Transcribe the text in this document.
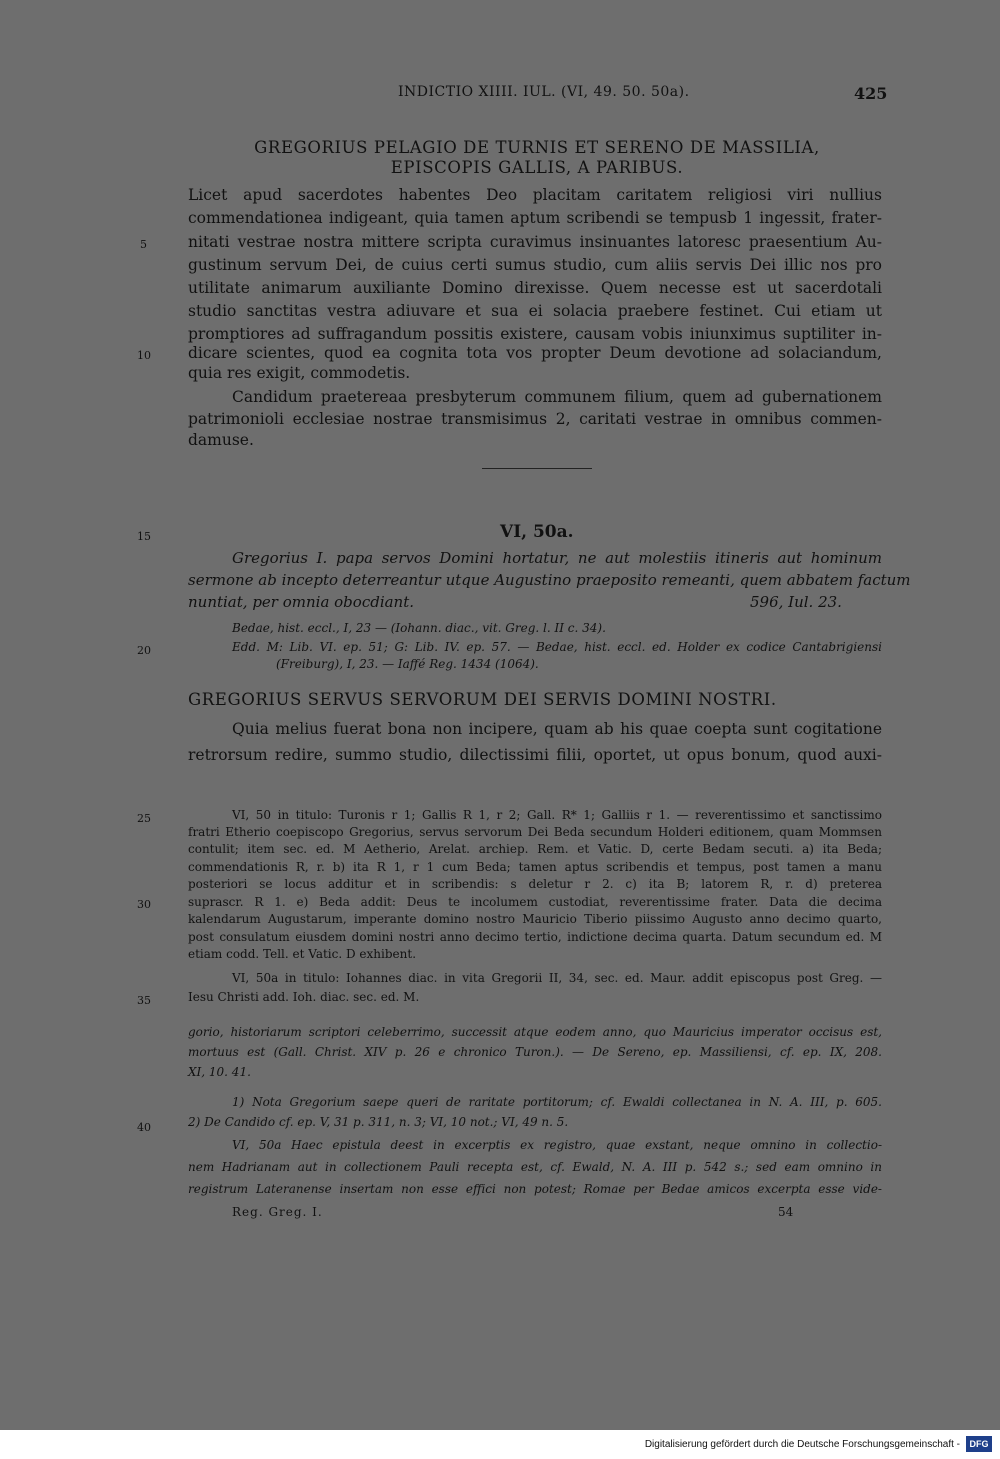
INDICTIO XIIII. IUL. (VI, 49. 50. 50a).	425
GREGORIUS PELAGIO DE TURNIS ET SERENO DE MASSILIA,
EPISCOPIS GALLIS, A PARIBUS.
Licet apud sacerdotes habentes Deo placitam caritatem religiosi viri nullius
commendationea indigeant, quia tamen aptum scribendi se tempusb 1 ingessit, frater-
nitati vestrae nostra mittere scripta curavimus insinuantes latoresc praesentium Au-
gustinum servum Dei, de cuius certi sumus studio, cum aliis servis Dei illic nos pro
utilitate animarum auxiliante Domino direxisse. Quem necesse est ut sacerdotali
studio sanctitas vestra adiuvare et sua ei solacia praebere festinet. Cui etiam ut
promptiores ad suffragandum possitis existere, causam vobis iniunximus suptiliter in-
dicare scientes, quod ea cognita tota vos propter Deum devotione ad solaciandum,
quia res exigit, commodetis.
Candidum praetereaa presbyterum communem filium, quem ad gubernationem
patrimonioli ecclesiae nostrae transmisimus 2, caritati vestrae in omnibus commen-
damuse.
5
10
15
20
25
30
35
40
VI, 50a.
Gregorius I. papa servos Domini hortatur, ne aut molestiis itineris aut hominum
sermone ab incepto deterreantur utque Augustino praeposito remeanti, quem abbatem factum
nuntiat, per omnia obocdiant.	596, Iul. 23.
Bedae, hist. eccl., I, 23 — (Iohann. diac., vit. Greg. l. II c. 34).
Edd. M: Lib. VI. ep. 51; G: Lib. IV. ep. 57. — Bedae, hist. eccl. ed. Holder ex codice Cantabrigiensi
(Freiburg), I, 23. — Iaffé Reg. 1434 (1064).
GREGORIUS SERVUS SERVORUM DEI SERVIS DOMINI NOSTRI.
Quia melius fuerat bona non incipere, quam ab his quae coepta sunt cogitatione
retrorsum redire, summo studio, dilectissimi filii, oportet, ut opus bonum, quod auxi-
VI, 50 in titulo: Turonis r 1; Gallis R 1, r 2; Gall. R* 1; Galliis r 1. — reverentissimo et sanctissimo
fratri Etherio coepiscopo Gregorius, servus servorum Dei Beda secundum Holderi editionem, quam Mommsen
contulit; item sec. ed. M Aetherio, Arelat. archiep. Rem. et Vatic. D, certe Bedam secuti. a) ita Beda;
commendationis R, r. b) ita R 1, r 1 cum Beda; tamen aptus scribendis et tempus, post tamen a manu
posteriori se locus additur et in scribendis: s deletur r 2. c) ita B; latorem R, r. d) preterea
suprascr. R 1. e) Beda addit: Deus te incolumem custodiat, reverentissime frater. Data die decima
kalendarum Augustarum, imperante domino nostro Mauricio Tiberio piissimo Augusto anno decimo quarto,
post consulatum eiusdem domini nostri anno decimo tertio, indictione decima quarta. Datum secundum ed. M
etiam codd. Tell. et Vatic. D exhibent.
VI, 50a in titulo: Iohannes diac. in vita Gregorii II, 34, sec. ed. Maur. addit episcopus post Greg. —
Iesu Christi add. Ioh. diac. sec. ed. M.
gorio, historiarum scriptori celeberrimo, successit atque eodem anno, quo Mauricius imperator occisus est,
mortuus est (Gall. Christ. XIV p. 26 e chronico Turon.). — De Sereno, ep. Massiliensi, cf. ep. IX, 208.
XI, 10. 41.
1) Nota Gregorium saepe queri de raritate portitorum; cf. Ewaldi collectanea in N. A. III, p. 605.
2) De Candido cf. ep. V, 31 p. 311, n. 3; VI, 10 not.; VI, 49 n. 5.
VI, 50a Haec epistula deest in excerptis ex registro, quae exstant, neque omnino in collectio-
nem Hadrianam aut in collectionem Pauli recepta est, cf. Ewald, N. A. III p. 542 s.; sed eam omnino in
registrum Lateranense insertam non esse effici non potest; Romae per Bedae amicos excerpta esse vide-
Reg. Greg. I.	54
Digitalisierung gefördert durch die Deutsche Forschungsgemeinschaft -	DFG
